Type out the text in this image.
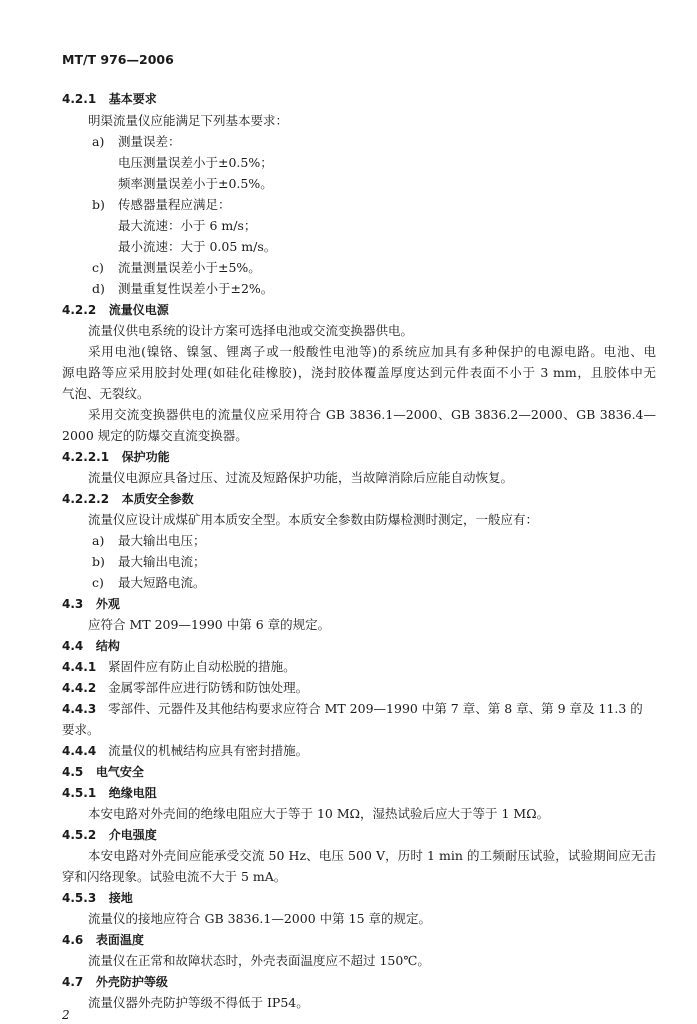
MT/T 976—2006
4.2.1 基本要求
明渠流量仪应能满足下列基本要求：
a) 测量误差：
电压测量误差小于±0.5%；
频率测量误差小于±0.5%。
b) 传感器量程应满足：
最大流速：小于 6 m/s；
最小流速：大于 0.05 m/s。
c) 流量测量误差小于±5%。
d) 测量重复性误差小于±2%。
4.2.2 流量仪电源
流量仪供电系统的设计方案可选择电池或交流变换器供电。
采用电池(镍铬、镍氢、锂离子或一般酸性电池等)的系统应加具有多种保护的电源电路。电池、电
源电路等应采用胶封处理(如硅化硅橡胶)，浇封胶体覆盖厚度达到元件表面不小于 3 mm，且胶体中无
气泡、无裂纹。
采用交流变换器供电的流量仪应采用符合 GB 3836.1—2000、GB 3836.2—2000、GB 3836.4—
2000 规定的防爆交直流变换器。
4.2.2.1 保护功能
流量仪电源应具备过压、过流及短路保护功能，当故障消除后应能自动恢复。
4.2.2.2 本质安全参数
流量仪应设计成煤矿用本质安全型。本质安全参数由防爆检测时测定，一般应有：
a) 最大输出电压；
b) 最大输出电流；
c) 最大短路电流。
4.3 外观
应符合 MT 209—1990 中第 6 章的规定。
4.4 结构
4.4.1 紧固件应有防止自动松脱的措施。
4.4.2 金属零部件应进行防锈和防蚀处理。
4.4.3 零部件、元器件及其他结构要求应符合 MT 209—1990 中第 7 章、第 8 章、第 9 章及 11.3 的
要求。
4.4.4 流量仪的机械结构应具有密封措施。
4.5 电气安全
4.5.1 绝缘电阻
本安电路对外壳间的绝缘电阻应大于等于 10 MΩ，湿热试验后应大于等于 1 MΩ。
4.5.2 介电强度
本安电路对外壳间应能承受交流 50 Hz、电压 500 V，历时 1 min 的工频耐压试验，试验期间应无击
穿和闪络现象。试验电流不大于 5 mA。
4.5.3 接地
流量仪的接地应符合 GB 3836.1—2000 中第 15 章的规定。
4.6 表面温度
流量仪在正常和故障状态时，外壳表面温度应不超过 150℃。
4.7 外壳防护等级
流量仪器外壳防护等级不得低于 IP54。
2
